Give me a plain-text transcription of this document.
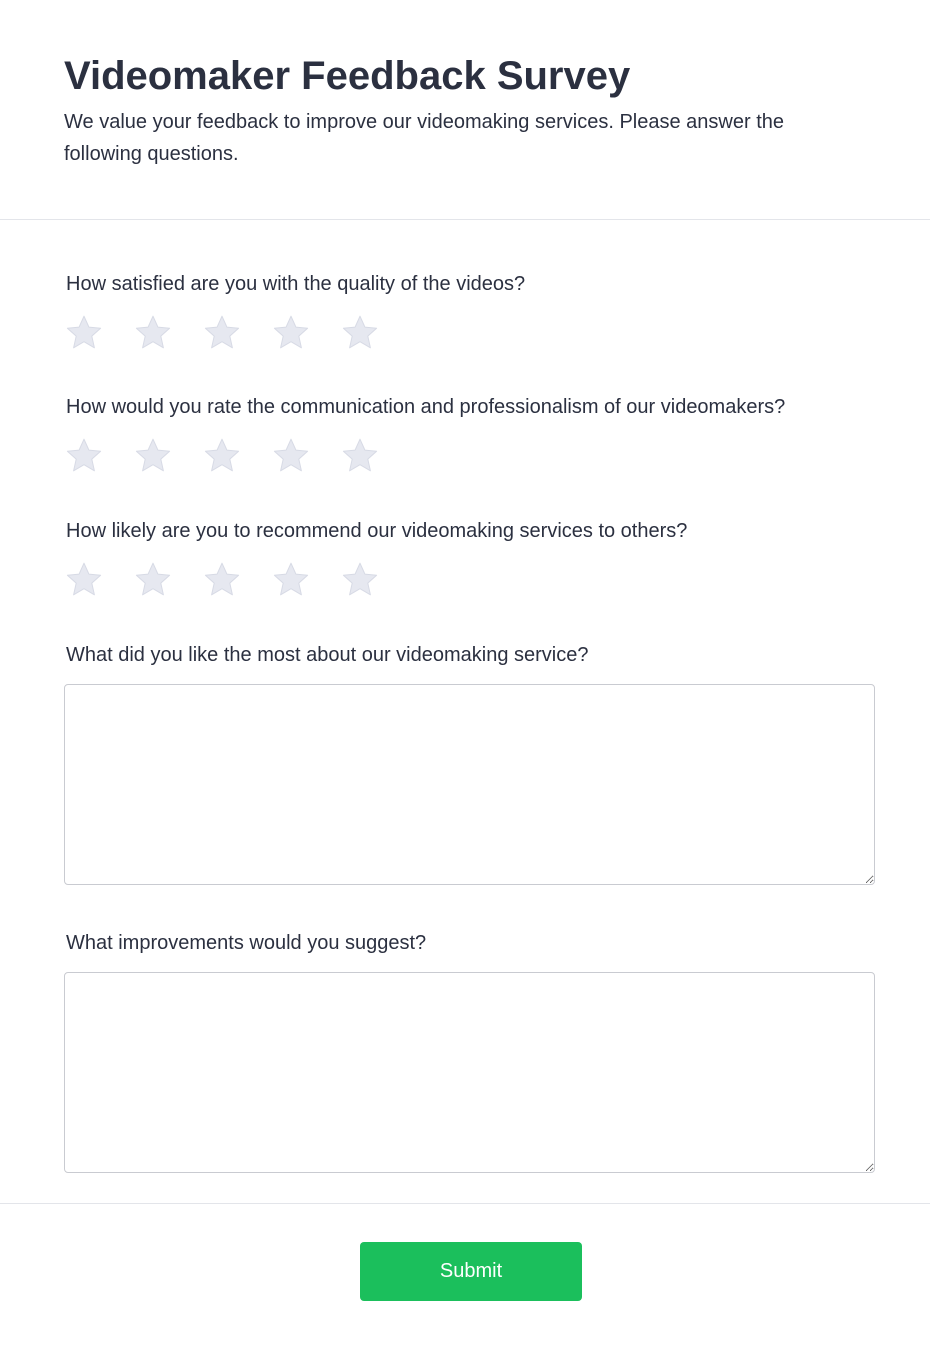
Videomaker Feedback Survey

We value your feedback to improve our videomaking services. Please answer the following questions.

How satisfied are you with the quality of the videos?

How would you rate the communication and professionalism of our videomakers?

How likely are you to recommend our videomaking services to others?

What did you like the most about our videomaking service?

What improvements would you suggest?

Submit
